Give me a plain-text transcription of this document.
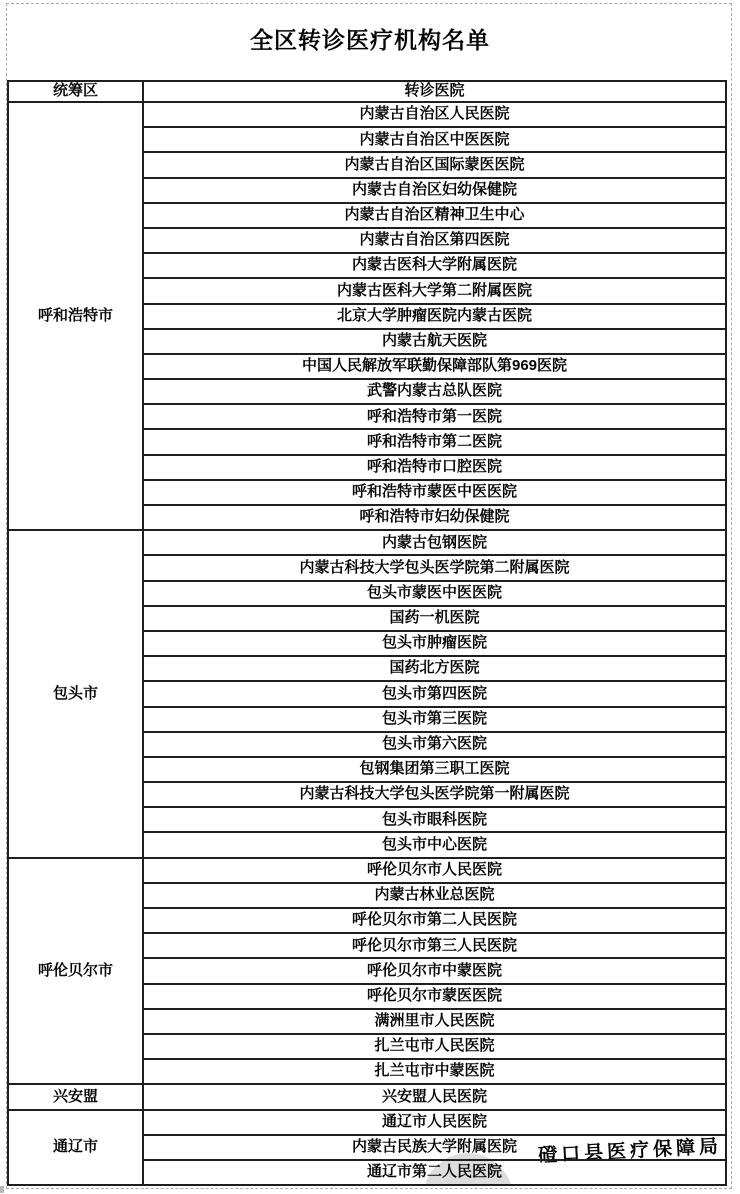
全区转诊医疗机构名单
磴口县医疗保障局
统筹区	转诊医院
呼和浩特市	内蒙古自治区人民医院
	内蒙古自治区中医医院
	内蒙古自治区国际蒙医医院
	内蒙古自治区妇幼保健院
	内蒙古自治区精神卫生中心
	内蒙古自治区第四医院
	内蒙古医科大学附属医院
	内蒙古医科大学第二附属医院
	北京大学肿瘤医院内蒙古医院
	内蒙古航天医院
	中国人民解放军联勤保障部队第969医院
	武警内蒙古总队医院
	呼和浩特市第一医院
	呼和浩特市第二医院
	呼和浩特市口腔医院
	呼和浩特市蒙医中医医院
	呼和浩特市妇幼保健院
包头市	内蒙古包钢医院
	内蒙古科技大学包头医学院第二附属医院
	包头市蒙医中医医院
	国药一机医院
	包头市肿瘤医院
	国药北方医院
	包头市第四医院
	包头市第三医院
	包头市第六医院
	包钢集团第三职工医院
	内蒙古科技大学包头医学院第一附属医院
	包头市眼科医院
	包头市中心医院
呼伦贝尔市	呼伦贝尔市人民医院
	内蒙古林业总医院
	呼伦贝尔市第二人民医院
	呼伦贝尔市第三人民医院
	呼伦贝尔市中蒙医院
	呼伦贝尔市蒙医医院
	满洲里市人民医院
	扎兰屯市人民医院
	扎兰屯市中蒙医院
兴安盟	兴安盟人民医院
通辽市	通辽市人民医院
	内蒙古民族大学附属医院
	通辽市第二人民医院
